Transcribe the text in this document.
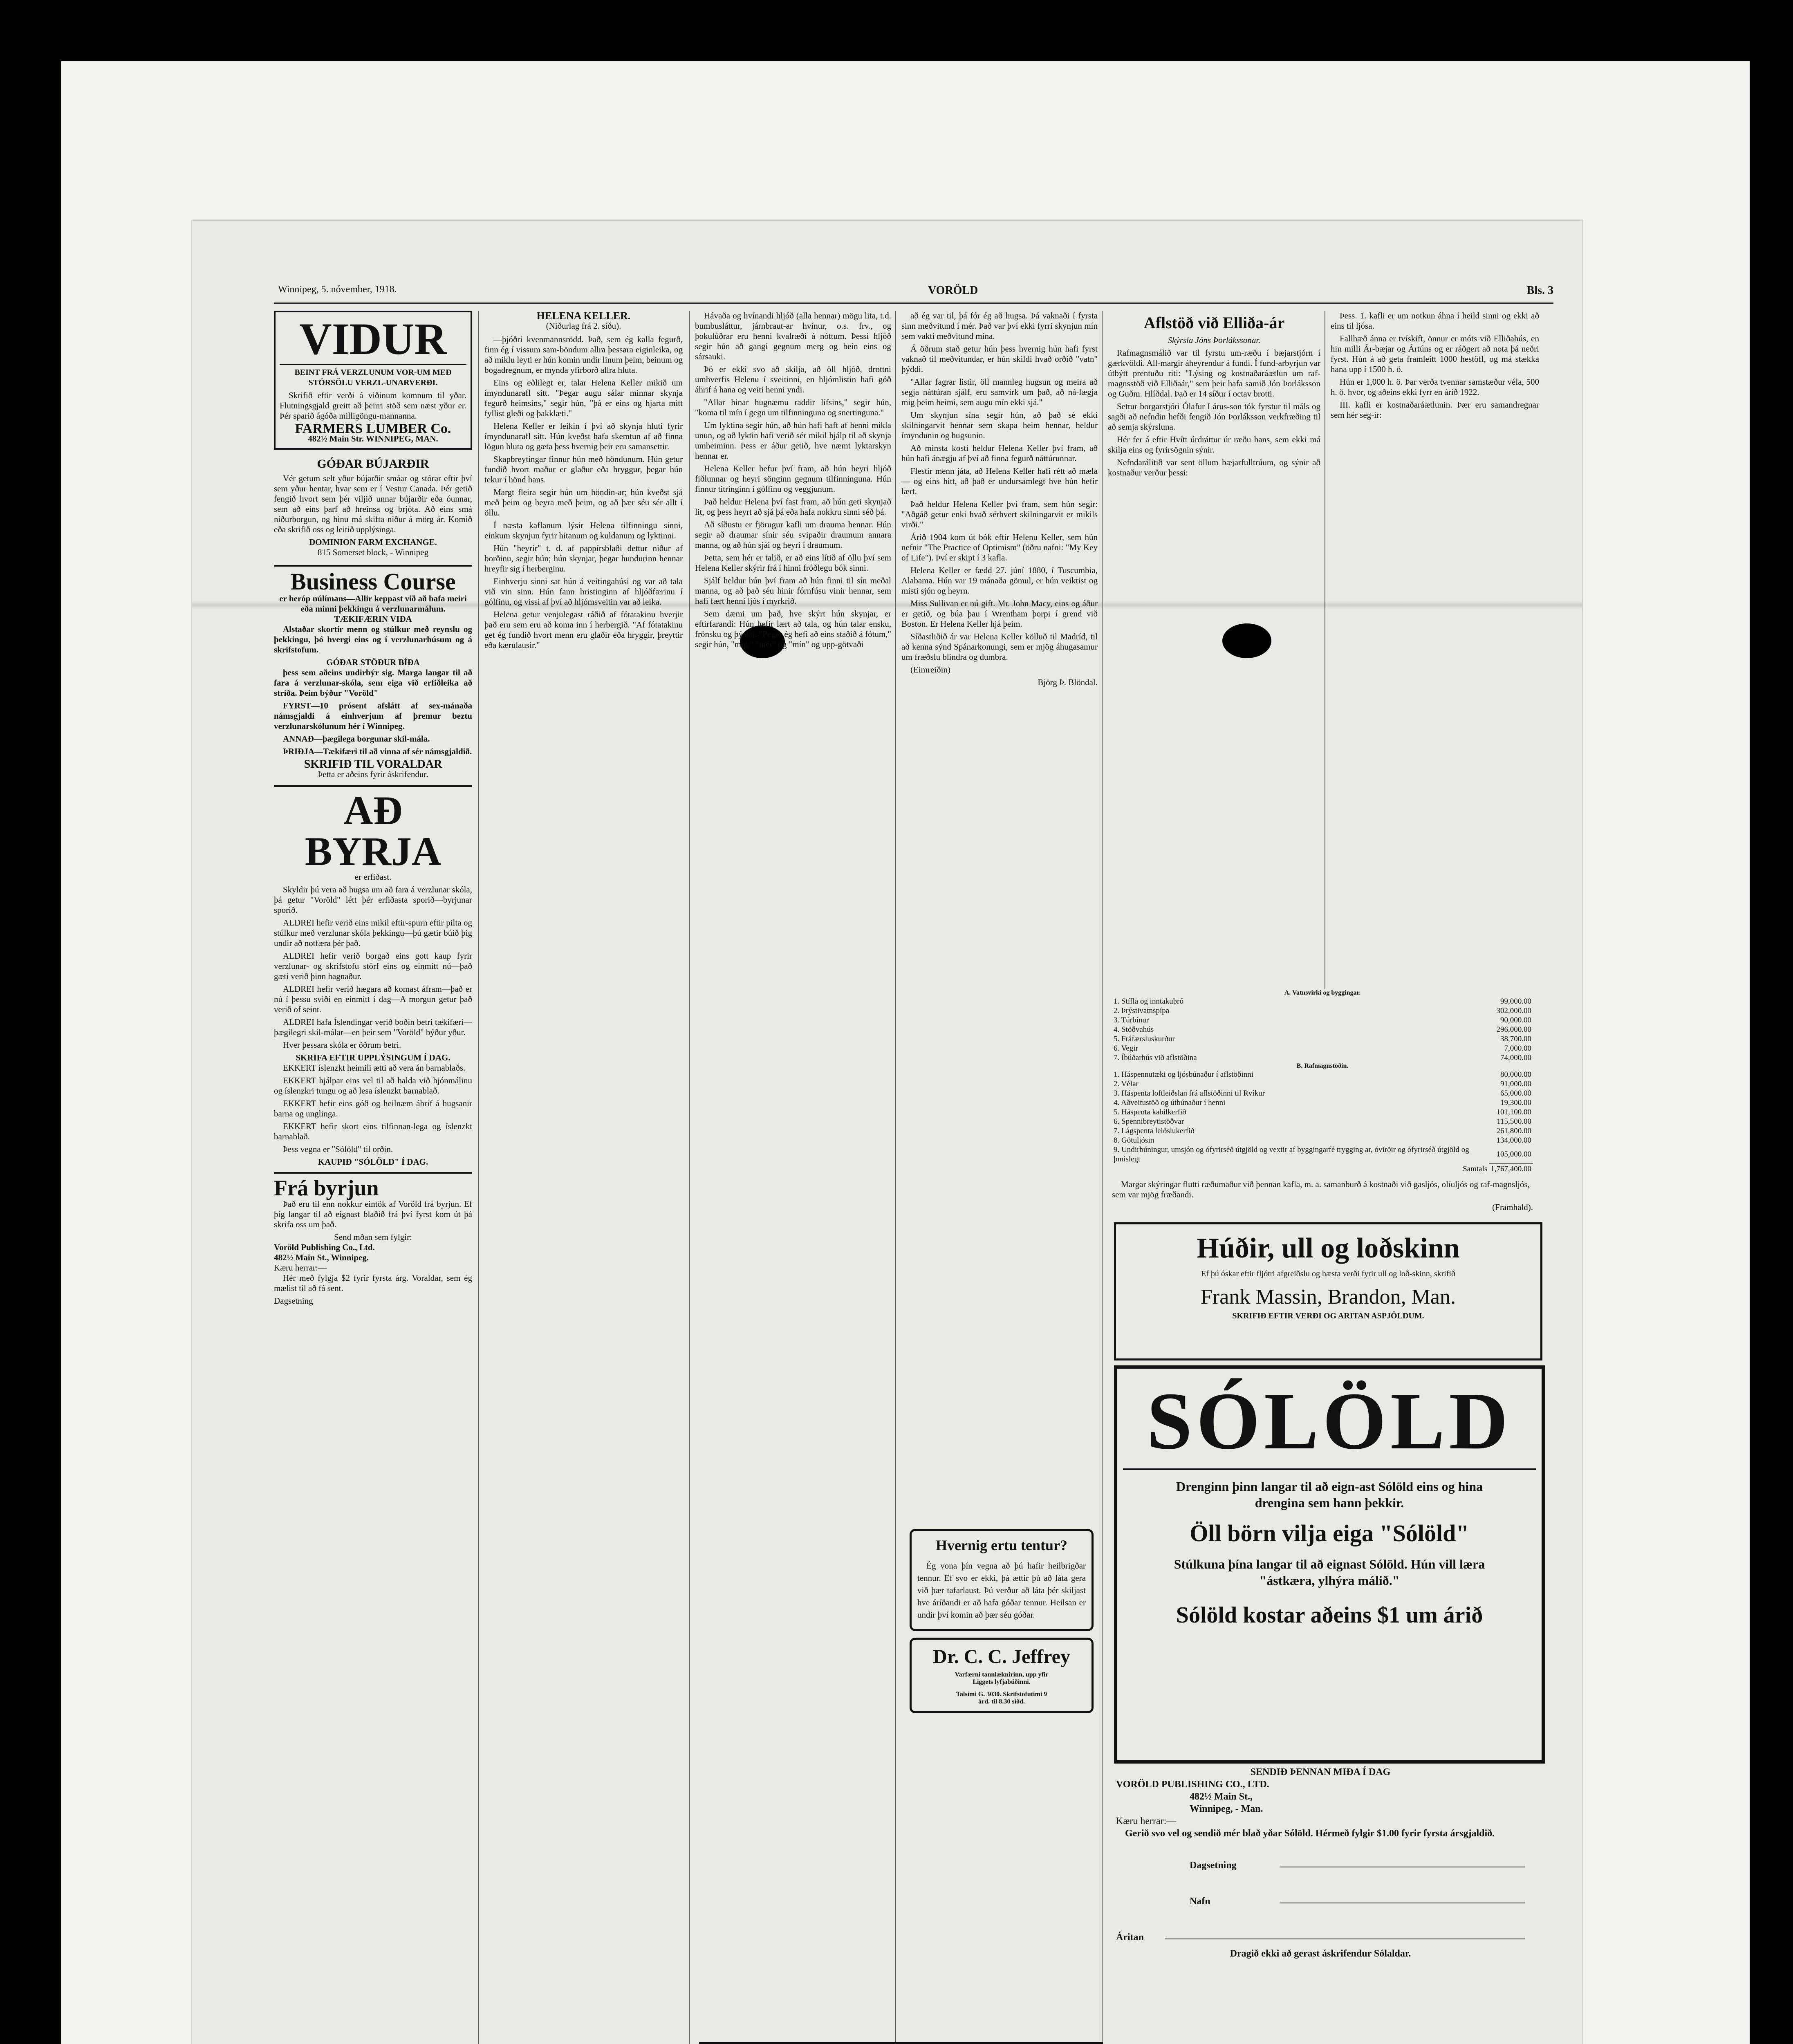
Winnipeg, 5. nóvember, 1918.	VORÖLD	Bls. 3
VIDUR
BEINT FRÁ VERZLUNUM VOR-UM MEÐ STÓRSÖLU VERZL-UNARVERÐI.

Skrifið eftir verði á viðinum komnum til yðar. Flutningsgjald greitt að þeirri stöð sem næst yður er. Þér sparið ágóða milligöngu-mannanna.

FARMERS LUMBER Co.
482½ Main Str. WINNIPEG, MAN.
GÓÐAR BÚJARÐIR

Vér getum selt yður bújarðir smáar og stórar eftir því sem yður hentar, hvar sem er í Vestur Canada. Þér getið fengið hvort sem þér viljið unnar bújarðir eða óunnar, sem að eins þarf að hreinsa og brjóta. Að eins smá niðurborgun, og hinu má skifta niður á mörg ár. Komið eða skrifið oss og leitið upplýsinga.

DOMINION FARM EXCHANGE.
815 Somerset block, - Winnipeg
Business Course
er heróp núlímans—Allir keppast við að hafa meiri eða minni þekkingu á verzlunarmálum.
TÆKIFÆRIN VIÐA

Alstaðar skortir menn og stúlkur með reynslu og þekkingu, þó hvergi eins og í verzlunarhúsum og á skrifstofum.

GÓÐAR STÖÐUR BÍÐA

þess sem aðeins undirbýr sig. Marga langar til að fara á verzlunar-skóla, sem eiga við erfiðleika að stríða. Þeim býður "Voröld"

FYRST—10 prósent afslátt af sex-mánaða námsgjaldi á einhverjum af þremur beztu verzlunarskólunum hér í Winnipeg.

ANNAÐ—þægilega borgunar skil-mála.

ÞRIÐJA—Tækifæri til að vinna af sér námsgjaldið.

SKRIFIÐ TIL VORALDAR
Þetta er aðeins fyrir áskrifendur.
AÐ BYRJA
er erfiðast.

Skyldir þú vera að hugsa um að fara á verzlunar skóla, þá getur "Voröld" létt þér erfiðasta sporið—byrjunar sporið.

ALDREI hefir verið eins mikil eftir-spurn eftir pilta og stúlkur með verzlunar skóla þekkingu—þú gætir búið þig undir að notfæra þér það.

ALDREI hefir verið borgað eins gott kaup fyrir verzlunar- og skrifstofu störf eins og einmitt nú—það gæti verið þinn hagnaður.

ALDREI hefir verið hægara að komast áfram—það er nú í þessu sviði en einmitt í dag—A morgun getur það verið of seint.

ALDREI hafa Íslendingar verið boðin betri tækifæri—þægilegri skil-málar—en þeir sem "Voröld" býður yður.

Hver þessara skóla er öðrum betri.

SKRIFA EFTIR UPPLÝSINGUM Í DAG.

EKKERT íslenzkt heimili ætti að vera án barnablaðs.

EKKERT hjálpar eins vel til að halda við hjónmálinu og íslenzkri tungu og að lesa íslenzkt barnablað.

EKKERT hefir eins góð og heilnæm áhrif á hugsanir barna og unglinga.

EKKERT hefir skort eins tilfinnan-lega og íslenzkt barnablað.

Þess vegna er "Sólöld" til orðin.

KAUPIÐ "SÓLÖLD" Í DAG.
Frá byrjun

Það eru til enn nokkur eintök af Voröld frá byrjun. Ef þig langar til að eignast blaðið frá því fyrst kom út þá skrifa oss um það.

Send mðan sem fylgir:
Voröld Publishing Co., Ltd.
482½ Main St., Winnipeg.
Kæru herrar:—

Hér með fylgja $2 fyrir fyrsta árg. Voraldar, sem ég mælist til að fá sent.

Dagsetning
HELENA KELLER.
(Niðurlag frá 2. síðu).

—þjóðri kvenmannsrödd. Það, sem ég kalla fegurð, finn ég í vissum sam-böndum allra þessara eiginleika, og að miklu leyti er hún komin undir linum þeim, beinum og bogadregnum, er mynda yfirborð allra hluta.

Eins og eðlilegt er, talar Helena Keller mikið um ímyndunarafl sitt. "Þegar augu sálar minnar skynja fegurð heimsins," segir hún, "þá er eins og hjarta mitt fyllist gleði og þakklæti."

Helena Keller er leikin í því að skynja hluti fyrir ímyndunarafl sitt. Hún kveðst hafa skemtun af að finna lögun hluta og gæta þess hvernig þeir eru samansettir.

Skapbreytingar finnur hún með höndunum. Hún getur fundið hvort maður er glaður eða hryggur, þegar hún tekur í hönd hans.

Margt fleira segir hún um höndin-ar; hún kveðst sjá með þeim og heyra með þeim, og að þær séu sér allt í öllu.

Í næsta kaflanum lýsir Helena tilfinningu sinni, einkum skynjun fyrir hitanum og kuldanum og lyktinni.

Hún "heyrir" t. d. af pappírsblaði dettur niður af borðinu, segir hún; hún skynjar, þegar hundurinn hennar hreyfir sig í herberginu.

Einhverju sinni sat hún á veitingahúsi og var að tala við vin sinn. Hún fann hristinginn af hljóðfærinu í gólfinu, og vissi af því að hljómsveitin var að leika.

Helena getur venjulegast ráðið af fótatakinu hverjir það eru sem eru að koma inn í herbergið. "Af fótatakinu get ég fundið hvort menn eru glaðir eða hryggir, þreyttir eða kærulausir."

Hávaða og hvínandi hljóð (alla hennar) mögu lita, t.d. bumbusláttur, járnbraut-ar hvínur, o.s. frv., og þokulúðrar eru henni kvalræði á nóttum. Þessi hljóð segir hún að gangi gegnum merg og bein eins og sársauki.

Þó er ekki svo að skilja, að öll hljóð, drottni umhverfis Helenu í sveitinni, en hljómlistin hafi góð áhrif á hana og veiti henni yndi.

"Allar hinar hugnæmu raddir lífsins," segir hún, "koma til mín í gegn um tilfinninguna og snertinguna."

Um lyktina segir hún, að hún hafi haft af henni mikla unun, og að lyktin hafi verið sér mikil hjálp til að skynja umheiminn. Þess er áður getið, hve næmt lyktarskyn hennar er.

Helena Keller hefur því fram, að hún heyri hljóð fiðlunnar og heyri sönginn gegnum tilfinninguna. Hún finnur titringinn í gólfinu og veggjunum.

Það heldur Helena því fast fram, að hún geti skynjað lit, og þess heyrt að sjá þá eða hafa nokkru sinni séð þá.

Að síðustu er fjörugur kafli um drauma hennar. Hún segir að draumar sínir séu svipaðir draumum annara manna, og að hún sjái og heyri í draumum.

Þetta, sem hér er talið, er að eins lítið af öllu því sem Helena Keller skýrir frá í hinni fróðlegu bók sinni.

Sjálf heldur hún því fram að hún finni til sín meðal manna, og að það séu hinir fórnfúsu vinir hennar, sem hafi fært henni ljós í myrkrið.

Sem dæmi um það, hve skýrt hún skynjar, er eftirfarandi: Hún hefir lært að tala, og hún talar ensku, frönsku og þýsku. "Pegar ég hefi að eins staðið á fótum," segir hún, "mig." "mér" og "mín" og upp-götvaði

að ég var til, þá fór ég að hugsa. Þá vaknaði í fyrsta sinn meðvitund í mér. Það var því ekki fyrri skynjun mín sem vakti meðvitund mína.

Á öðrum stað getur hún þess hvernig hún hafi fyrst vaknað til meðvitundar, er hún skildi hvað orðið "vatn" þýddi.

"Allar fagrar listir, öll mannleg hugsun og meira að segja náttúran sjálf, eru samvirk um það, að ná-lægja mig þeim heimi, sem augu mín ekki sjá."

Um skynjun sína segir hún, að það sé ekki skilningarvit hennar sem skapa heim hennar, heldur ímyndunin og hugsunin.

Að minsta kosti heldur Helena Keller því fram, að hún hafi ánægju af því að finna fegurð náttúrunnar.

Flestir menn játa, að Helena Keller hafi rétt að mæla — og eins hitt, að það er undursamlegt hve hún hefir lært.

Það heldur Helena Keller því fram, sem hún segir: "Aðgáð getur enki hvað sérhvert skilningarvit er mikils virði."

Árið 1904 kom út bók eftir Helenu Keller, sem hún nefnir "The Practice of Optimism" (öðru nafni: "My Key of Life"). Því er skipt í 3 kafla.

Helena Keller er fædd 27. júní 1880, í Tuscumbia, Alabama. Hún var 19 mánaða gömul, er hún veiktist og misti sjón og heyrn.

Miss Sullivan er nú gift. Mr. John Macy, eins og áður er getið, og búa þau í Wrentham þorpi í grend við Boston. Er Helena Keller hjá þeim.

Síðastliðið ár var Helena Keller kölluð til Madríd, til að kenna sýnd Spánarkonungi, sem er mjög áhugasamur um fræðslu blindra og dumbra.

(Eimreiðin)

Björg Þ. Blöndal.
Hvernig ertu tentur?

Ég vona þín vegna að þú hafir heilbrigðar tennur. Ef svo er ekki, þá ættir þú að láta gera við þær tafarlaust. Þú verður að láta þér skiljast hve áríðandi er að hafa góðar tennur. Heilsan er undir því komin að þær séu góðar.

Dr. C. C. Jeffrey
Varfærni tannlæknirinn, upp yfir
Liggets lyfjabúðinni.
Talsími G. 3030. Skrifstofutími 9
árd. til 8.30 síðd.
Aflstöð við Elliða-ár
Skýrsla Jóns Þorlákssonar.

Rafmagnsmálið var til fyrstu um-ræðu í bæjarstjórn í gærkvöldi. All-margir áheyrendur á fundi. Í fund-arbyrjun var útbýtt prentuðu riti: "Lýsing og kostnaðaráætlun um raf-magnsstöð við Elliðaár," sem þeir hafa samið Jón Þorláksson og Guðm. Hlíðdal. Það er 14 síður í octav brotti.

Settur borgarstjóri Ólafur Lárus-son tók fyrstur til máls og sagði að nefndin hefði fengið Jón Þorláksson verkfræðing til að semja skýrsluna.

Hér fer á eftir Hvítt úrdráttur úr ræðu hans, sem ekki má skilja eins og fyrirsögnin sýnir.

Nefndarálitið var sent öllum bæjarfulltrúum, og sýnir að kostnaður verður þessi:

Þess. 1. kafli er um notkun áhna í heild sinni og ekki að eins til ljósa.

Fallhæð ánna er tvískift, önnur er móts við Elliðahús, en hin milli Ár-bæjar og Ártúns og er ráðgert að nota þá neðri fyrst. Hún á að geta framleitt 1000 hestöfl, og má stækka hana upp í 1500 h. ö.

Hún er 1,000 h. ö. Þar verða tvennar samstæður véla, 500 h. ö. hvor, og aðeins ekki fyrr en árið 1922.

III. kafli er kostnaðaráætlunin. Þær eru samandregnar sem hér seg-ir:

A. Vatnsvirki og byggingar.
1. Stífla og inntakuþró	99,000.00
2. Þrýstivatnspípa	302,000.00
3. Túrbínur	90,000.00
4. Stöðvahús	296,000.00
5. Fráfærsluskurður	38,700.00
6. Vegir	7,000.00
7. Íbúðarhús við aflstöðina	74,000.00
B. Rafmagnstöðin.
1. Háspennutæki og ljósbúnaður í aflstöðinni	80,000.00
2. Vélar	91,000.00
3. Háspenta loftleiðslan frá aflstöðinni til Rvíkur	65,000.00
4. Aðveitustöð og útbúnaður í henni	19,300.00
5. Háspenta kabilkerfið	101,100.00
6. Spennibreytistöðvar	115,500.00
7. Lágspenta leiðslukerfið	261,800.00
8. Götuljósin	134,000.00
9. Undirbúningur, umsjón og ófyrirséð útgjöld og vextir af byggingarfé trygging ar, óvirðir og ófyrirséð útgjöld og þmislegt	105,000.00
Samtals	1,767,400.00

Margar skýringar flutti ræðumaður við þennan kafla, m. a. samanburð á kostnaði við gasljós, olíuljós og raf-magnsljós, sem var mjög fræðandi.

(Framhald).
Húðir, ull og loðskinn
Ef þú óskar eftir fljótri afgreiðslu og hæsta verði fyrir ull og loð-skinn, skrifið
Frank Massin, Brandon, Man.
SKRIFIÐ EFTIR VERÐI OG ARITAN ASPJÖLDUM.
SÓLÖLD
Drenginn þinn langar til að eign-ast Sólöld eins og hina drengina sem hann þekkir.
Öll börn vilja eiga "Sólöld"
Stúlkuna þína langar til að eignast Sólöld. Hún vill læra "ástkæra, ylhýra málið."
Sólöld kostar aðeins $1 um árið
SENDIÐ ÞENNAN MIÐA Í DAG
VORÖLD PUBLISHING CO., LTD.
482½ Main St.,
Winnipeg, - Man.
Kæru herrar:—

Gerið svo vel og sendið mér blað yðar Sólöld. Hérmeð fylgir $1.00 fyrir fyrsta ársgjaldið.

Dagsetning
Nafn
Áritan
Dragið ekki að gerast áskrifendur Sólaldar.
